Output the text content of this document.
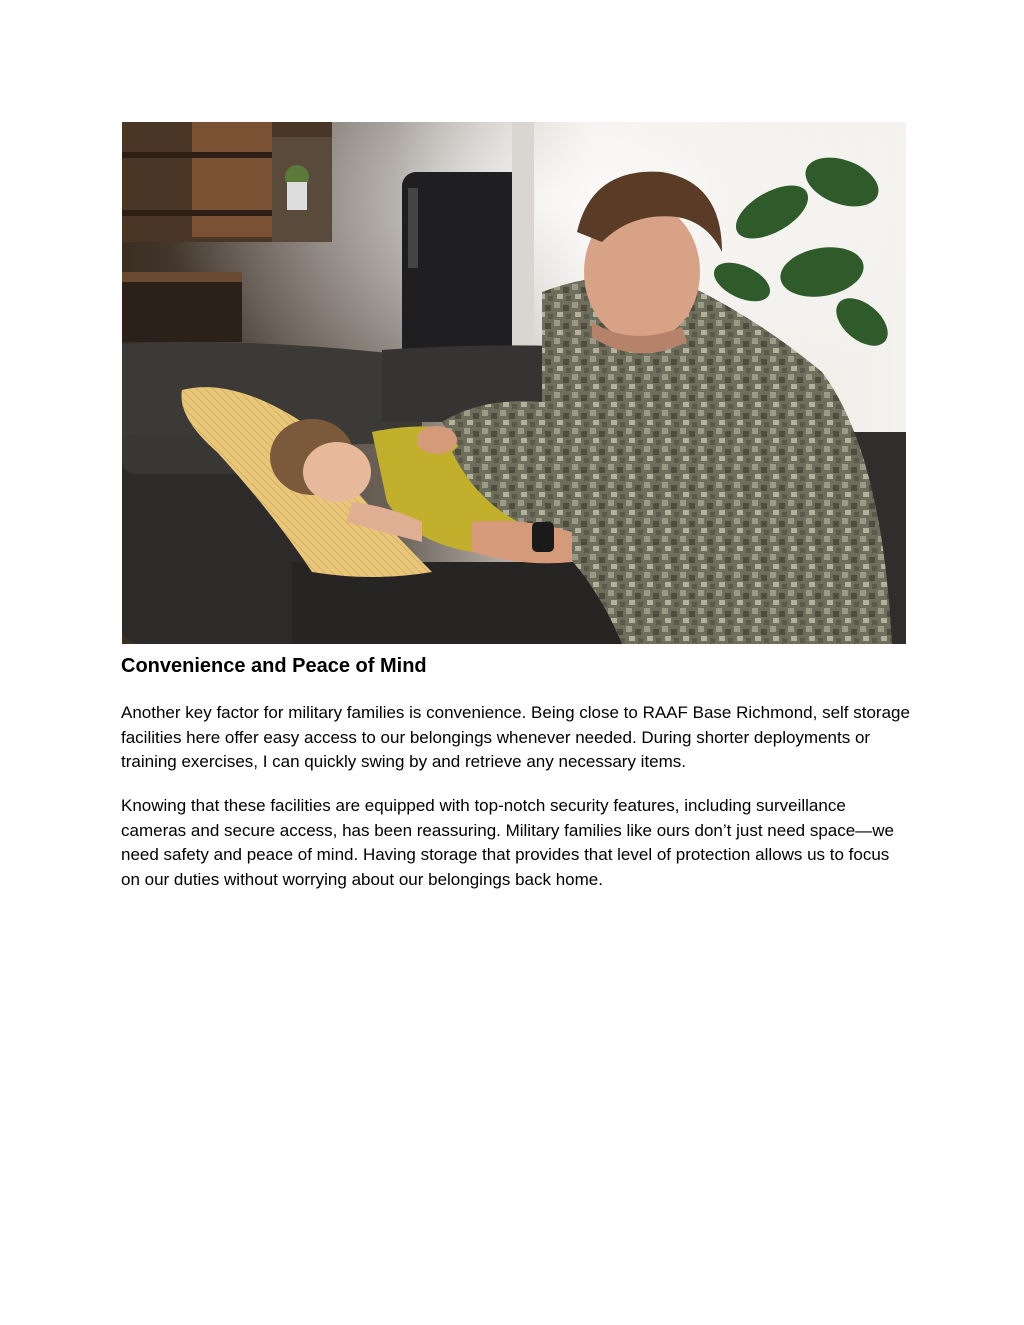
Convenience and Peace of Mind

Another key factor for military families is convenience. Being close to RAAF Base Richmond, self storage facilities here offer easy access to our belongings whenever needed. During shorter deployments or training exercises, I can quickly swing by and retrieve any necessary items.

Knowing that these facilities are equipped with top-notch security features, including surveillance cameras and secure access, has been reassuring. Military families like ours don’t just need space—we need safety and peace of mind. Having storage that provides that level of protection allows us to focus on our duties without worrying about our belongings back home.
